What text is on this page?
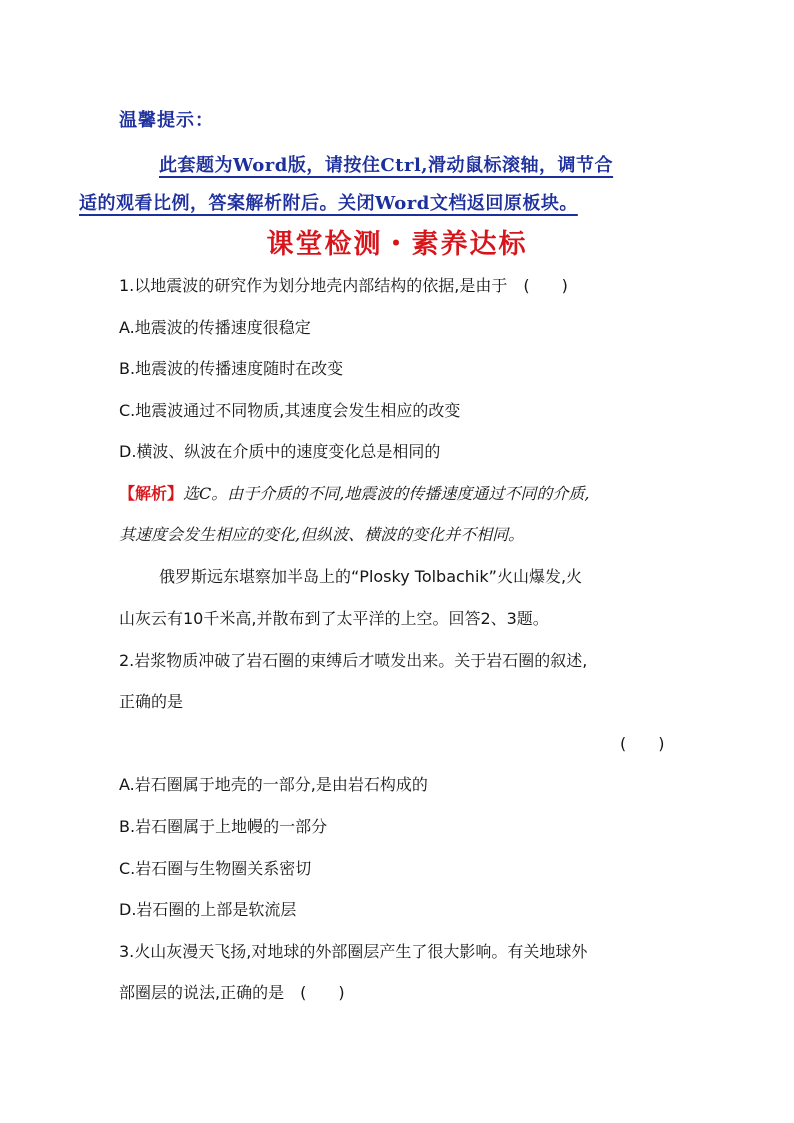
温馨提示：
此套题为Word版，请按住Ctrl,滑动鼠标滚轴，调节合
适的观看比例，答案解析附后。关闭Word文档返回原板块。
课堂检测・素养达标
1.以地震波的研究作为划分地壳内部结构的依据,是由于　(　　)
A.地震波的传播速度很稳定
B.地震波的传播速度随时在改变
C.地震波通过不同物质,其速度会发生相应的改变
D.横波、纵波在介质中的速度变化总是相同的
【解析】选C。由于介质的不同,地震波的传播速度通过不同的介质,
其速度会发生相应的变化,但纵波、横波的变化并不相同。
俄罗斯远东堪察加半岛上的“Plosky Tolbachik”火山爆发,火
山灰云有10千米高,并散布到了太平洋的上空。回答2、3题。
2.岩浆物质冲破了岩石圈的束缚后才喷发出来。关于岩石圈的叙述,
正确的是
(　　)
A.岩石圈属于地壳的一部分,是由岩石构成的
B.岩石圈属于上地幔的一部分
C.岩石圈与生物圈关系密切
D.岩石圈的上部是软流层
3.火山灰漫天飞扬,对地球的外部圈层产生了很大影响。有关地球外
部圈层的说法,正确的是　(　　)
